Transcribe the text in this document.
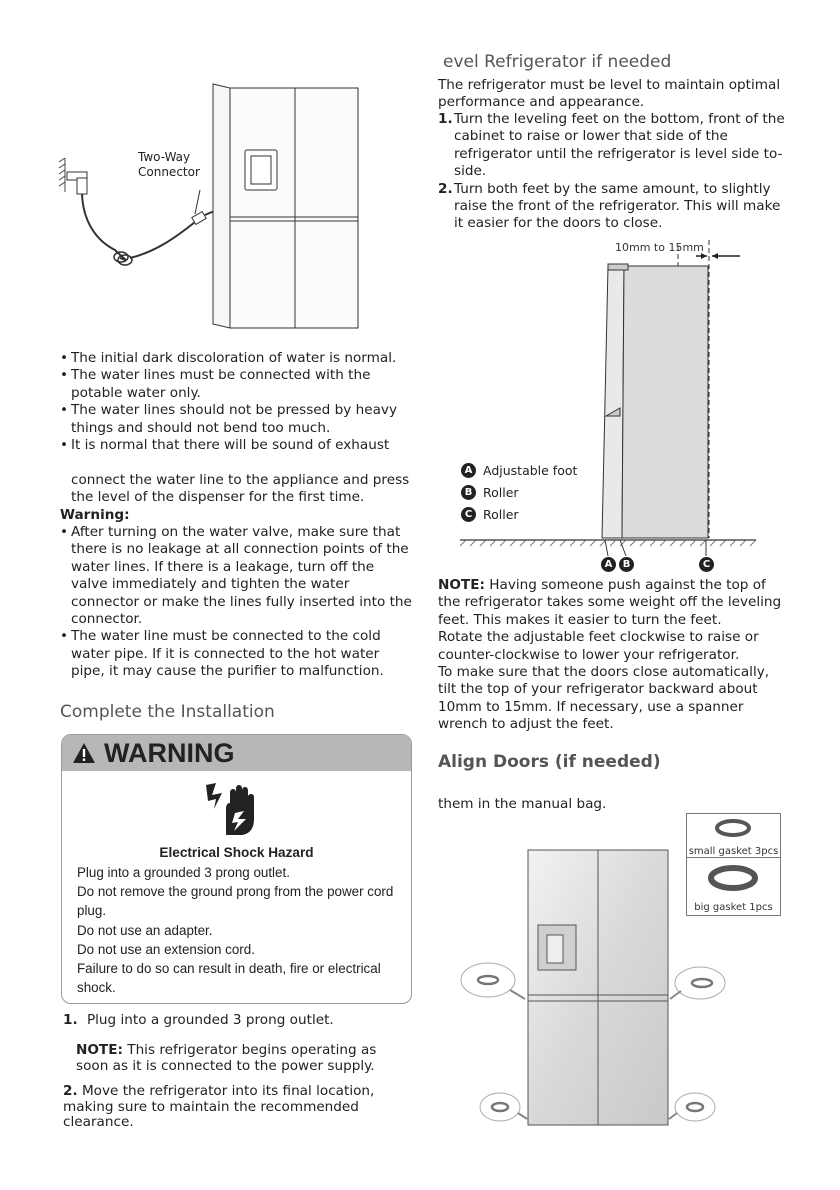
Two-Way
Connector
• The initial dark discoloration of water is normal.
• The water lines must be connected with the potable water only.
• The water lines should not be pressed by heavy things and should not bend too much.
• It is normal that there will be sound of exhaust
connect the water line to the appliance and press the level of the dispenser for the first time.
Warning:
• After turning on the water valve, make sure that there is no leakage at all connection points of the water lines. If there is a leakage, turn off the valve immediately and tighten the water connector or make the lines fully inserted into the connector.
• The water line must be connected to the cold water pipe. If it is connected to the hot water pipe, it may cause the purifier to malfunction.
Complete the Installation
WARNING
Electrical Shock Hazard
Plug into a grounded 3 prong outlet.
Do not remove the ground prong from the power cord plug.
Do not use an adapter.
Do not use an extension cord.
Failure to do so can result in death, fire or electrical shock.
1. Plug into a grounded 3 prong outlet.
NOTE: This refrigerator begins operating as soon as it is connected to the power supply.
2. Move the refrigerator into its final location, making sure to maintain the recommended clearance.
evel Refrigerator if needed
The refrigerator must be level to maintain optimal performance and appearance.
1. Turn the leveling feet on the bottom, front of the cabinet to raise or lower that side of the refrigerator until the refrigerator is level side to-side.
2. Turn both feet by the same amount, to slightly raise the front of the refrigerator. This will make it easier for the doors to close.
10mm to 15mm
A	B	C
A Adjustable foot
B Roller
C Roller
NOTE: Having someone push against the top of the refrigerator takes some weight off the leveling feet. This makes it easier to turn the feet.
Rotate the adjustable feet clockwise to raise or counter-clockwise to lower your refrigerator.
To make sure that the doors close automatically, tilt the top of your refrigerator backward about 10mm to 15mm. If necessary, use a spanner wrench to adjust the feet.
Align Doors (if needed)
them in the manual bag.
small gasket 3pcs
big gasket 1pcs
